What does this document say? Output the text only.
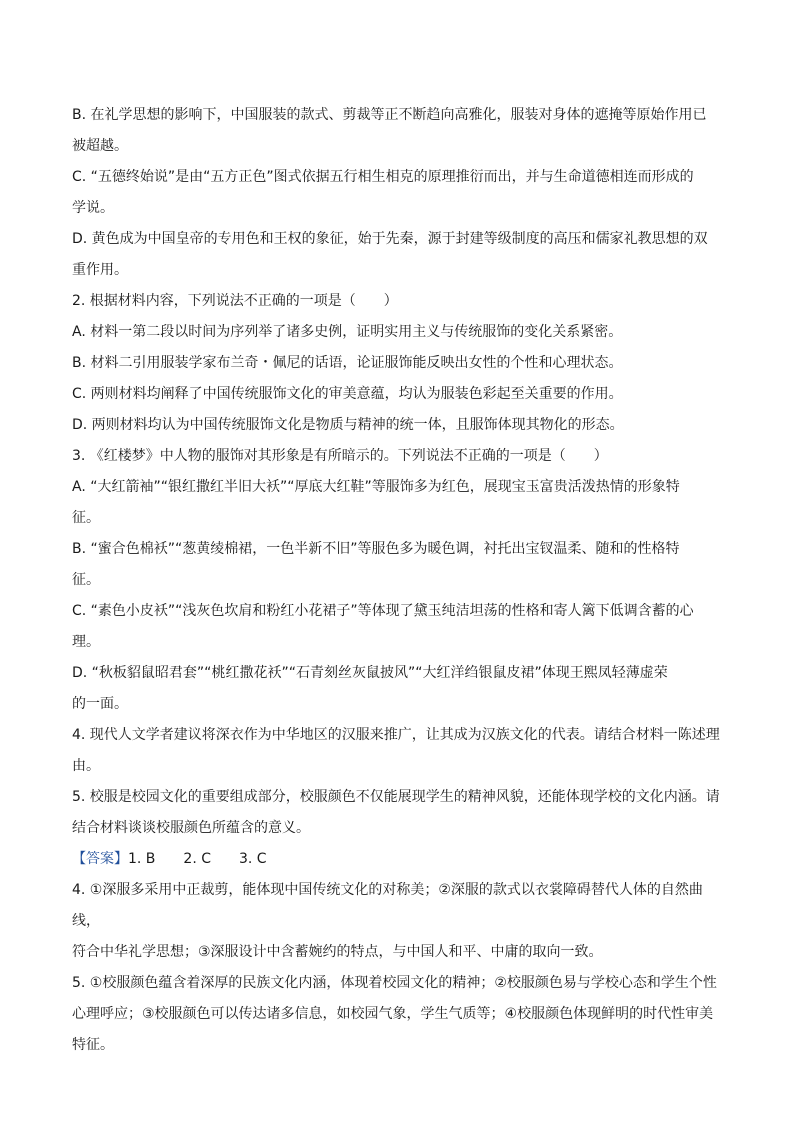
B. 在礼学思想的影响下，中国服装的款式、剪裁等正不断趋向高雅化，服装对身体的遮掩等原始作用已

被超越。

C. “五德终始说”是由“五方正色”图式依据五行相生相克的原理推衍而出，并与生命道德相连而形成的

学说。

D. 黄色成为中国皇帝的专用色和王权的象征，始于先秦，源于封建等级制度的高压和儒家礼教思想的双

重作用。

2. 根据材料内容，下列说法不正确的一项是（　　）

A. 材料一第二段以时间为序列举了诸多史例，证明实用主义与传统服饰的变化关系紧密。

B. 材料二引用服装学家布兰奇・佩尼的话语，论证服饰能反映出女性的个性和心理状态。

C. 两则材料均阐释了中国传统服饰文化的审美意蕴，均认为服装色彩起至关重要的作用。

D. 两则材料均认为中国传统服饰文化是物质与精神的统一体，且服饰体现其物化的形态。

3. 《红楼梦》中人物的服饰对其形象是有所暗示的。下列说法不正确的一项是（　　）

A. “大红箭袖”“银红撒红半旧大袄”“厚底大红鞋”等服饰多为红色，展现宝玉富贵活泼热情的形象特

征。

B. “蜜合色棉袄”“葱黄绫棉裙，一色半新不旧”等服色多为暖色调，衬托出宝钗温柔、随和的性格特

征。

C. “素色小皮袄”“浅灰色坎肩和粉红小花裙子”等体现了黛玉纯洁坦荡的性格和寄人篱下低调含蓄的心

理。

D. “秋板貂鼠昭君套”“桃红撒花袄”“石青刻丝灰鼠披风”“大红洋绉银鼠皮裙”体现王熙凤轻薄虚荣

的一面。

4. 现代人文学者建议将深衣作为中华地区的汉服来推广，让其成为汉族文化的代表。请结合材料一陈述理

由。

5. 校服是校园文化的重要组成部分，校服颜色不仅能展现学生的精神风貌，还能体现学校的文化内涵。请

结合材料谈谈校服颜色所蕴含的意义。

【答案】1. B　　2. C　　3. C

4. ①深服多采用中正裁剪，能体现中国传统文化的对称美；②深服的款式以衣裳障碍替代人体的自然曲线，

符合中华礼学思想；③深服设计中含蓄婉约的特点，与中国人和平、中庸的取向一致。

5. ①校服颜色蕴含着深厚的民族文化内涵，体现着校园文化的精神；②校服颜色易与学校心态和学生个性

心理呼应；③校服颜色可以传达诸多信息，如校园气象，学生气质等；④校服颜色体现鲜明的时代性审美

特征。
